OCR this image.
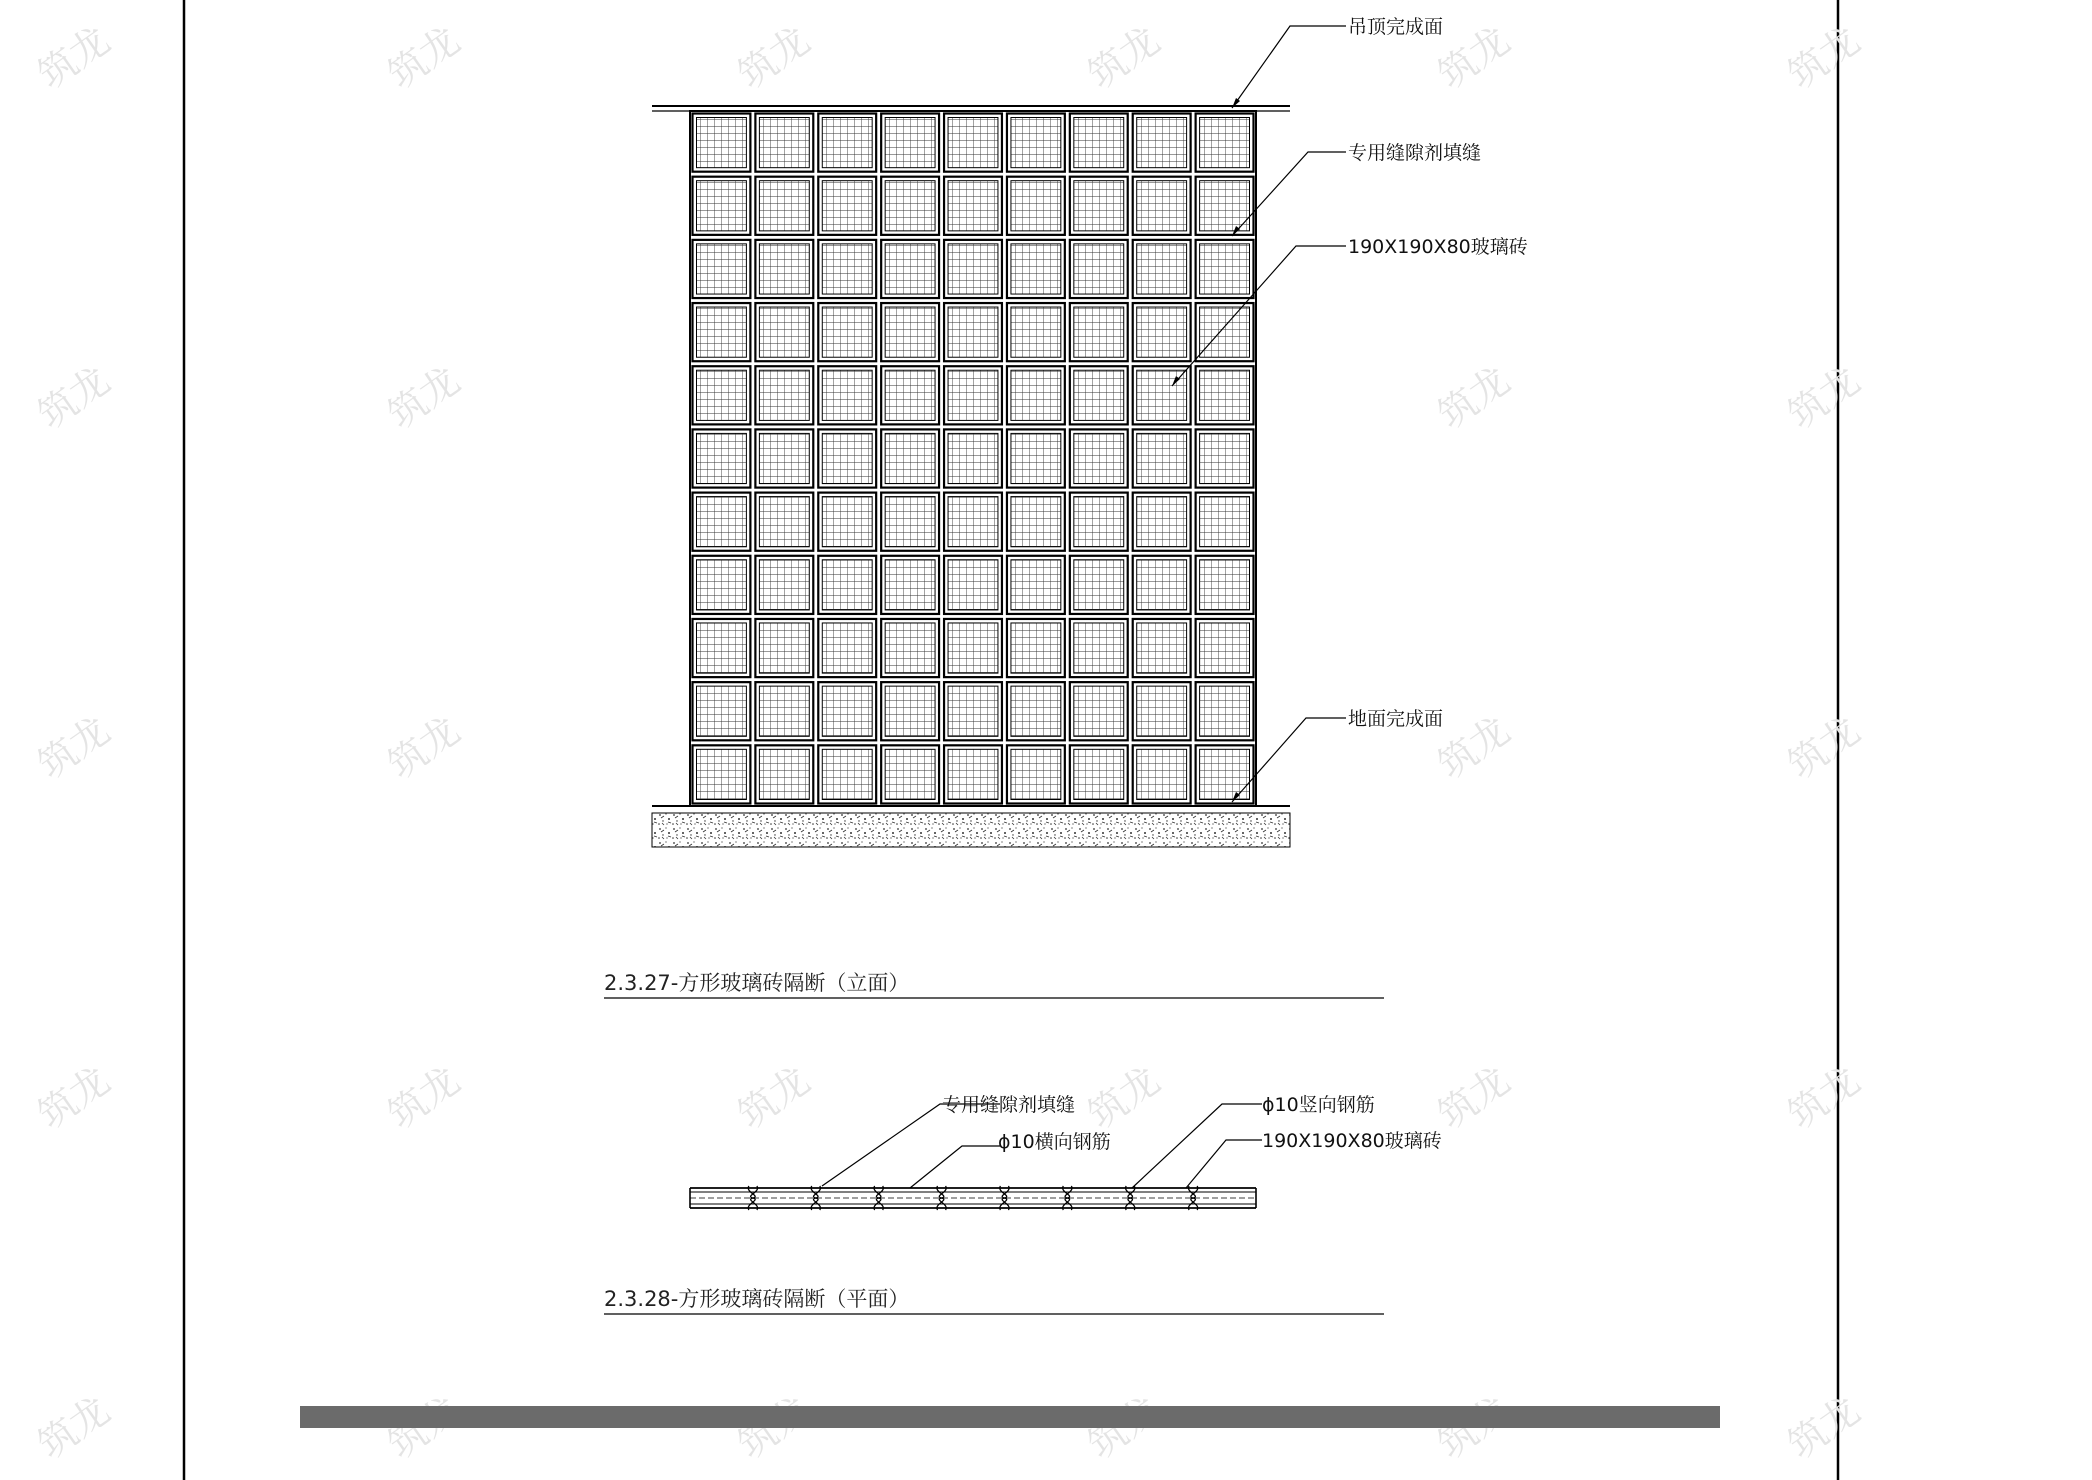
筑龙	筑龙	筑龙	筑龙	筑龙	筑龙
筑龙	筑龙	筑龙	筑龙
筑龙	筑龙	筑龙	筑龙
筑龙	筑龙	筑龙	筑龙	筑龙	筑龙
筑龙	筑龙
吊顶完成面
专用缝隙剂填缝
190X190X80玻璃砖
地面完成面
2.3.27-方形玻璃砖隔断（立面）
专用缝隙剂填缝
ϕ10横向钢筋
ϕ10竖向钢筋
190X190X80玻璃砖
2.3.28-方形玻璃砖隔断（平面）
